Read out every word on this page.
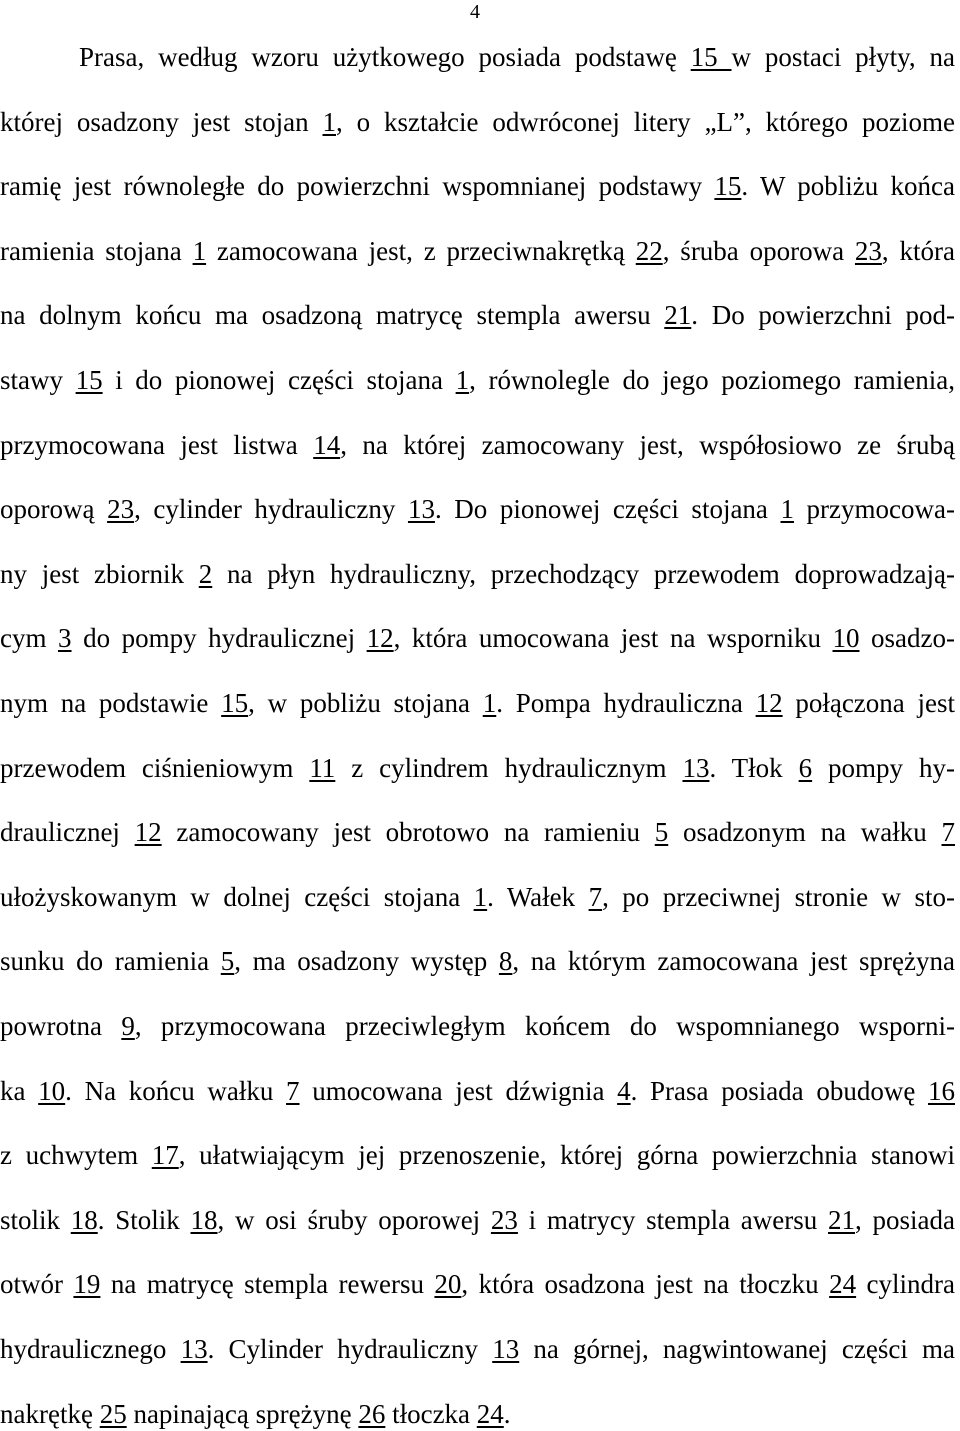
4
Prasa, według wzoru użytkowego posiada podstawę 15 w postaci płyty, na
której osadzony jest stojan 1, o kształcie odwróconej litery „L”, którego poziome
ramię jest równoległe do powierzchni wspomnianej podstawy 15. W pobliżu końca
ramienia stojana 1 zamocowana jest, z przeciwnakrętką 22, śruba oporowa 23, która
na dolnym końcu ma osadzoną matrycę stempla awersu 21. Do powierzchni pod-
stawy 15 i do pionowej części stojana 1, równolegle do jego poziomego ramienia,
przymocowana jest listwa 14, na której zamocowany jest, współosiowo ze śrubą
oporową 23, cylinder hydrauliczny 13. Do pionowej części stojana 1 przymocowa-
ny jest zbiornik 2 na płyn hydrauliczny, przechodzący przewodem doprowadzają-
cym 3 do pompy hydraulicznej 12, która umocowana jest na wsporniku 10 osadzo-
nym na podstawie 15, w pobliżu stojana 1. Pompa hydrauliczna 12 połączona jest
przewodem ciśnieniowym 11 z cylindrem hydraulicznym 13. Tłok 6 pompy hy-
draulicznej 12 zamocowany jest obrotowo na ramieniu 5 osadzonym na wałku 7
ułożyskowanym w dolnej części stojana 1. Wałek 7, po przeciwnej stronie w sto-
sunku do ramienia 5, ma osadzony występ 8, na którym zamocowana jest sprężyna
powrotna 9, przymocowana przeciwległym końcem do wspomnianego wsporni-
ka 10. Na końcu wałku 7 umocowana jest dźwignia 4. Prasa posiada obudowę 16
z uchwytem 17, ułatwiającym jej przenoszenie, której górna powierzchnia stanowi
stolik 18. Stolik 18, w osi śruby oporowej 23 i matrycy stempla awersu 21, posiada
otwór 19 na matrycę stempla rewersu 20, która osadzona jest na tłoczku 24 cylindra
hydraulicznego 13. Cylinder hydrauliczny 13 na górnej, nagwintowanej części ma
nakrętkę 25 napinającą sprężynę 26 tłoczka 24.
